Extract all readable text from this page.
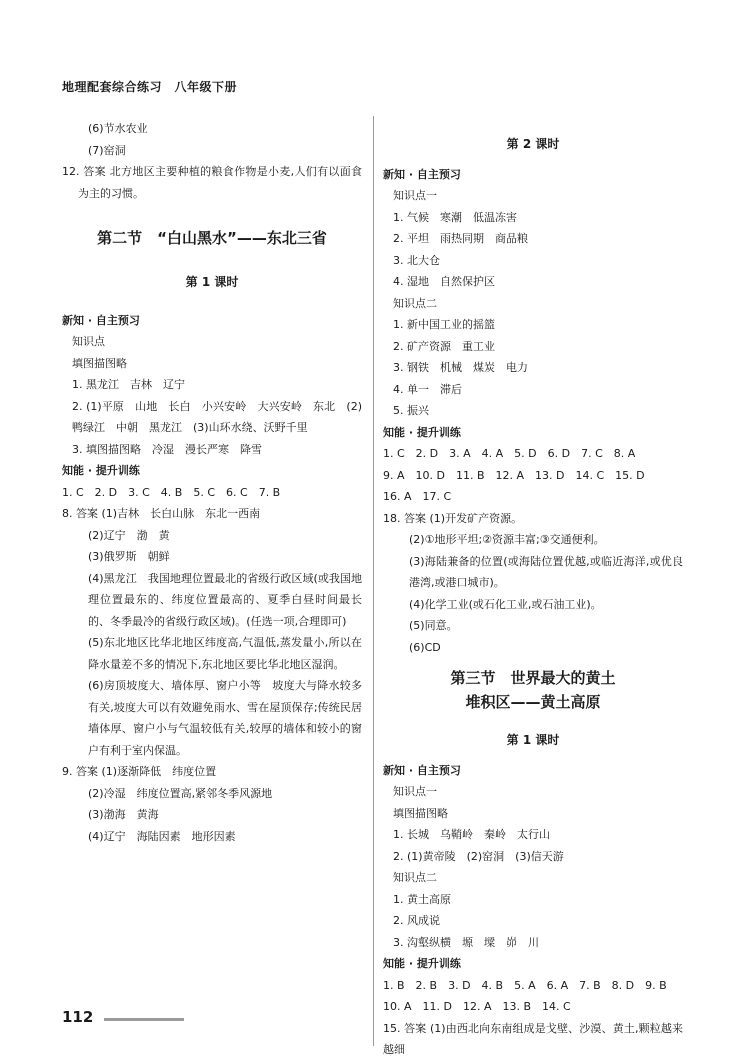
地理配套综合练习　八年级下册
(6)节水农业
(7)窑洞
12. 答案 北方地区主要种植的粮食作物是小麦,人们有以面食为主的习惯。
第二节　“白山黑水”——东北三省
第 1 课时
新知 · 自主预习
知识点
填图描图略
1. 黑龙江　吉林　辽宁
2. (1)平原　山地　长白　小兴安岭　大兴安岭　东北　(2)鸭绿江　中朝　黑龙江　(3)山环水绕、沃野千里
3. 填图描图略　冷湿　漫长严寒　降雪
知能 · 提升训练
1. C　2. D　3. C　4. B　5. C　6. C　7. B
8. 答案 (1)吉林　长白山脉　东北一西南
(2)辽宁　渤　黄
(3)俄罗斯　朝鲜
(4)黑龙江　我国地理位置最北的省级行政区域(或我国地理位置最东的、纬度位置最高的、夏季白昼时间最长的、冬季最冷的省级行政区域)。(任选一项,合理即可)
(5)东北地区比华北地区纬度高,气温低,蒸发量小,所以在降水量差不多的情况下,东北地区要比华北地区湿润。
(6)房顶坡度大、墙体厚、窗户小等　坡度大与降水较多有关,坡度大可以有效避免雨水、雪在屋顶保存;传统民居墙体厚、窗户小与气温较低有关,较厚的墙体和较小的窗户有利于室内保温。
9. 答案 (1)逐渐降低　纬度位置
(2)冷湿　纬度位置高,紧邻冬季风源地
(3)渤海　黄海
(4)辽宁　海陆因素　地形因素
第 2 课时
新知 · 自主预习
知识点一
1. 气候　寒潮　低温冻害
2. 平坦　雨热同期　商品粮
3. 北大仓
4. 湿地　自然保护区
知识点二
1. 新中国工业的摇篮
2. 矿产资源　重工业
3. 钢铁　机械　煤炭　电力
4. 单一　滞后
5. 振兴
知能 · 提升训练
1. C　2. D　3. A　4. A　5. D　6. D　7. C　8. A
9. A　10. D　11. B　12. A　13. D　14. C　15. D
16. A　17. C
18. 答案 (1)开发矿产资源。
(2)①地形平坦;②资源丰富;③交通便利。
(3)海陆兼备的位置(或海陆位置优越,或临近海洋,或优良港湾,或港口城市)。
(4)化学工业(或石化工业,或石油工业)。
(5)同意。
(6)CD
第三节　世界最大的黄土
堆积区——黄土高原
第 1 课时
新知 · 自主预习
知识点一
填图描图略
1. 长城　乌鞘岭　秦岭　太行山
2. (1)黄帝陵　(2)窑洞　(3)信天游
知识点二
1. 黄土高原
2. 风成说
3. 沟壑纵横　塬　墚　峁　川
知能 · 提升训练
1. B　2. B　3. D　4. B　5. A　6. A　7. B　8. D　9. B
10. A　11. D　12. A　13. B　14. C
15. 答案 (1)由西北向东南组成是戈壁、沙漠、黄土,颗粒越来越细
112
